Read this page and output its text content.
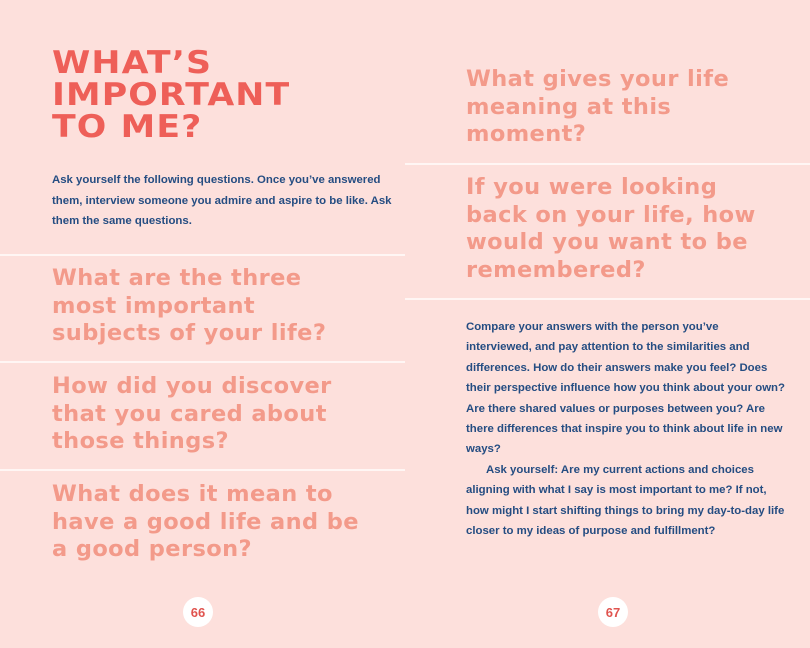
WHAT’S
IMPORTANT
TO ME?
Ask yourself the following questions. Once you’ve answered them, interview someone you admire and aspire to be like. Ask them the same questions.
What are the three most important subjects of your life?
How did you discover that you cared about those things?
What does it mean to have a good life and be a good person?
What gives your life meaning at this moment?
If you were looking back on your life, how would you want to be remembered?

Compare your answers with the person you’ve interviewed, and pay attention to the similarities and differences. How do their answers make you feel? Does their perspective influence how you think about your own? Are there shared values or purposes between you? Are there differences that inspire you to think about life in new ways?

Ask yourself: Are my current actions and choices aligning with what I say is most important to me? If not, how might I start shifting things to bring my day-to-day life closer to my ideas of purpose and fulfillment?

66	67
